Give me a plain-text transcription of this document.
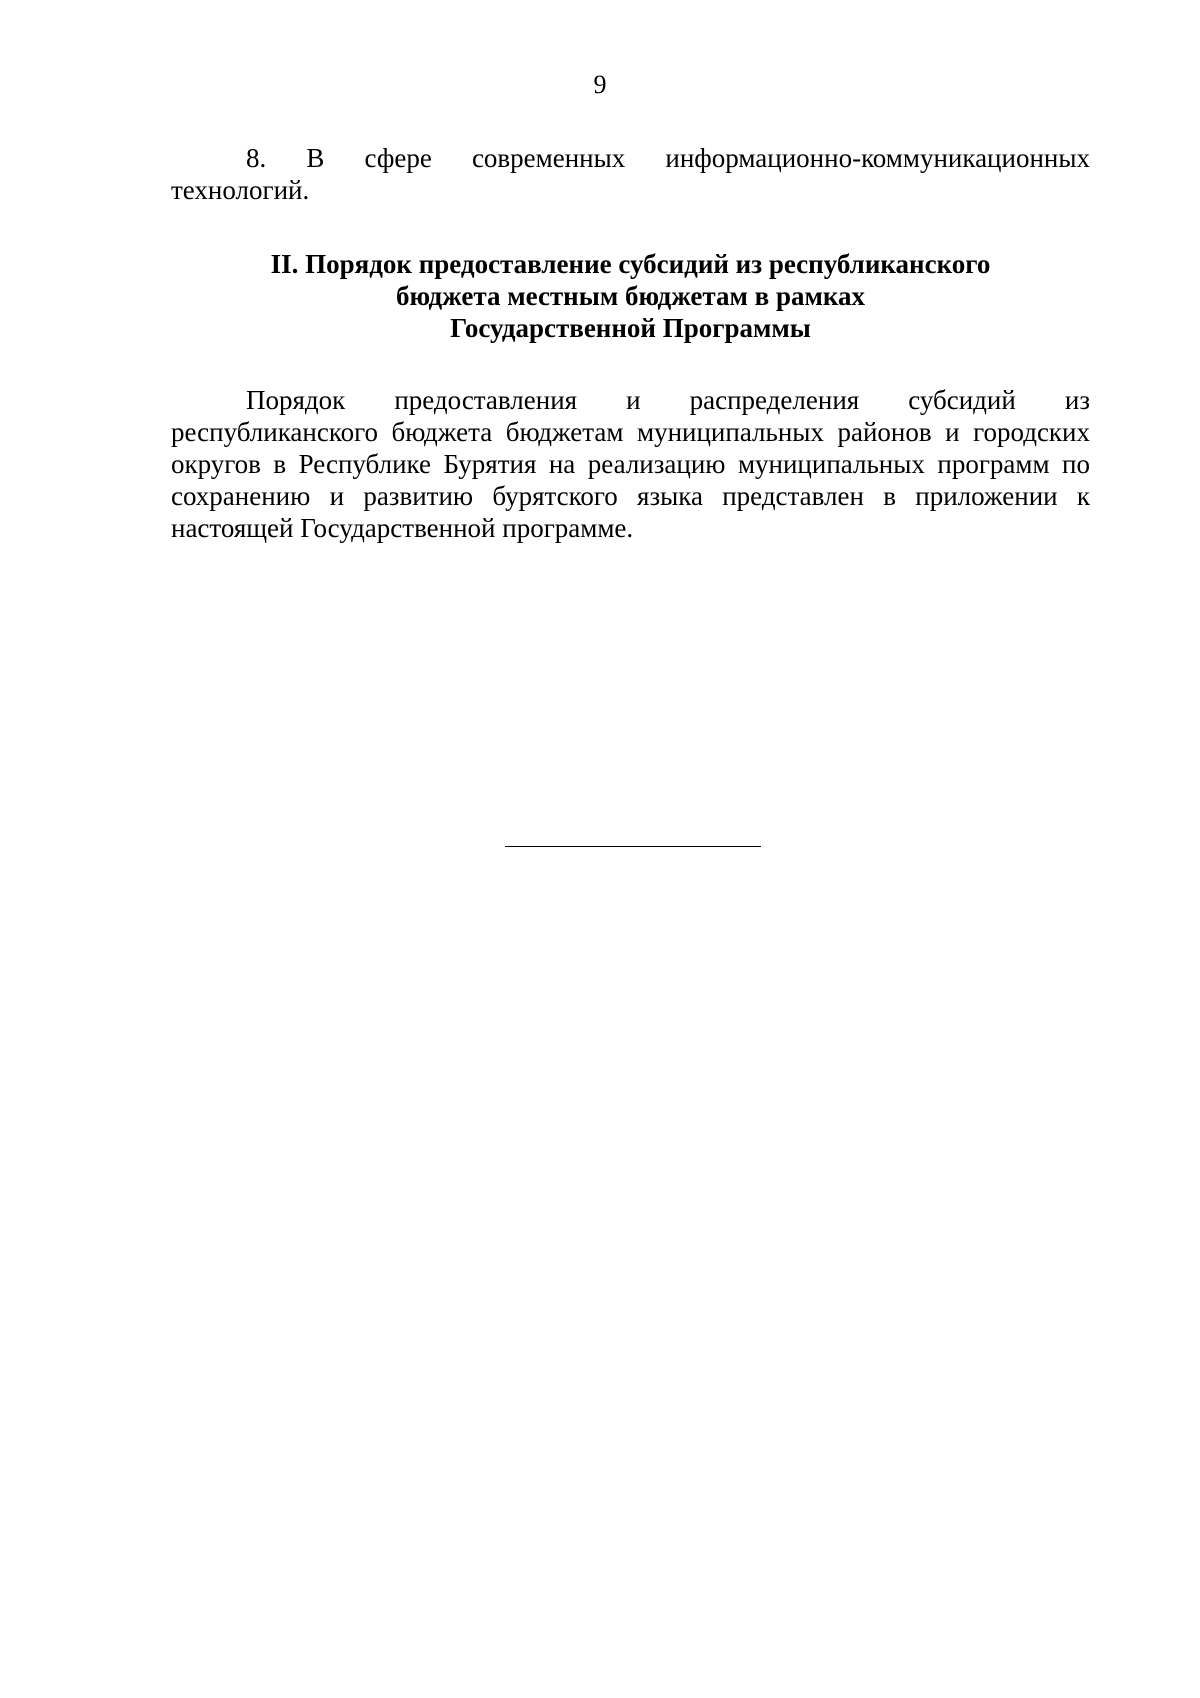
9

8. В сфере современных информационно-коммуникационных технологий.

II. Порядок предоставление субсидий из республиканского
бюджета местным бюджетам в рамках
Государственной Программы

Порядок предоставления и распределения субсидий из республиканского бюджета бюджетам муниципальных районов и городских округов в Республике Бурятия на реализацию муниципальных программ по сохранению и развитию бурятского языка представлен в приложении к настоящей Государственной программе.
